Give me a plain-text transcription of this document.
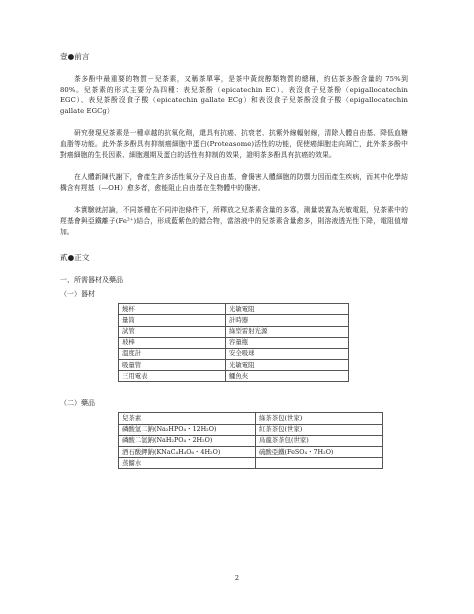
壹●前言

茶多酚中最重要的物質－兒茶素，又稱茶單寧，是茶中黃烷醇類物質的總稱，約佔茶多酚含量的 75%到 80%。兒茶素的形式主要分為四種：表兒茶酚（epicatechin EC）、表沒食子兒茶酚（epigallocatechin EGC）、表兒茶酚沒食子酸（epicatechin gallate ECg）和表沒食子兒茶酚沒食子酸（epigallocatechin gallate EGCg）

研究發現兒茶素是一種卓越的抗氧化劑，還具有抗癌、抗衰老、抗紫外線輻射線，清除人體自由基、降低血糖血脂等功能。此外茶多酚具有抑制癌細胞中蛋白(Proteasome)活性的功能，促使癌細胞走向凋亡，此外茶多酚中對癌細胞的生長因素、細胞週期及蛋白的活性有抑制的效果，證明茶多酚具有抗癌的效果。

在人體新陳代謝下，會產生許多活性氧分子及自由基，會傷害人體細胞的防禦力因而產生疾病，而其中化學結構含有羥基（—OH）愈多者，愈能阻止自由基在生物體中的傷害。

本實驗就討論，不同茶種在不同沖泡條件下，所釋放之兒茶素含量的多寡，測量裝置為光敏電阻，兒茶素中的羥基會與亞鐵離子(Fe²⁺)結合，形成藍紫色的錯合物，當溶液中的兒茶素含量愈多，則溶液透光性下降，電阻值增加。

貳●正文
一、所需器材及藥品
（一）器材
燒杯	光敏電阻
量筒	計時器
試管	綠型雷射光源
玻棒	容量瓶
溫度計	安全吸球
吸量管	光敏電阻
三用電表	鱷魚夾
（二）藥品
兒茶素	綠茶茶包(世家)
磷酸氫二鈉(Na₂HPO₄・12H₂O)	紅茶茶包(世家)
磷酸二氫鈉(NaH₂PO₄・2H₂O)	烏龍茶茶包(世家)
酒石酸鉀鈉(KNaC₄H₄O₆・4H₂O)	硫酸亞鐵(FeSO₄・7H₂O)
蒸餾水	
2
